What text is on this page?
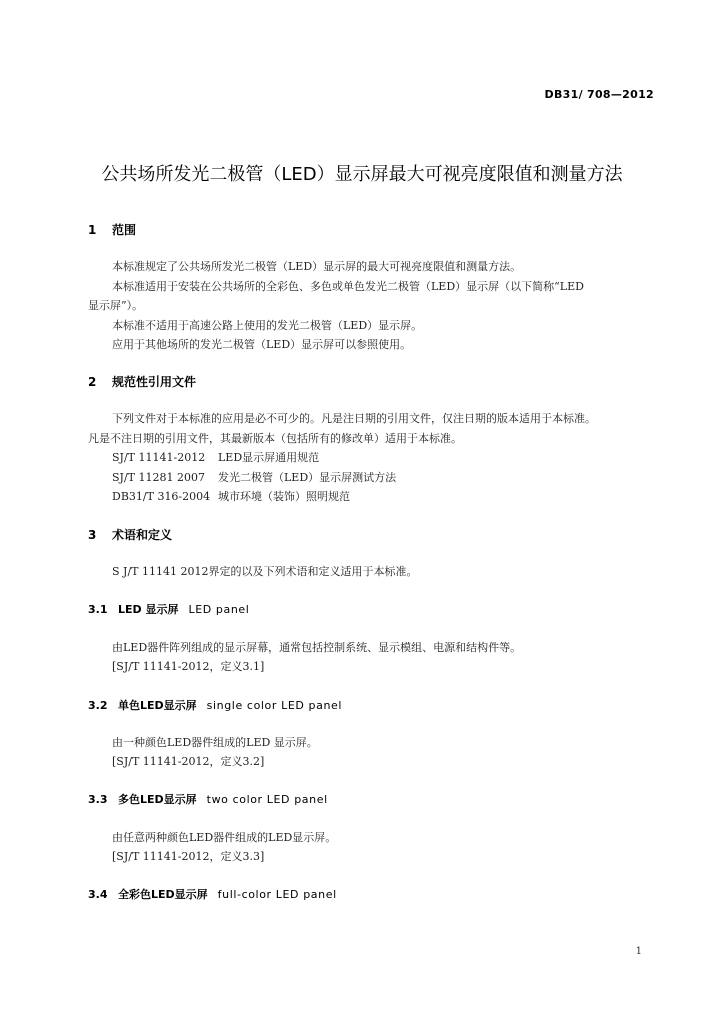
DB31/ 708—2012
公共场所发光二极管（LED）显示屏最大可视亮度限值和测量方法
1 范围
本标准规定了公共场所发光二极管（LED）显示屏的最大可视亮度限值和测量方法。
本标准适用于安装在公共场所的全彩色、多色或单色发光二极管（LED）显示屏（以下简称“LED
显示屏”）。
本标准不适用于高速公路上使用的发光二极管（LED）显示屏。
应用于其他场所的发光二极管（LED）显示屏可以参照使用。
2 规范性引用文件
下列文件对于本标准的应用是必不可少的。凡是注日期的引用文件，仅注日期的版本适用于本标准。
凡是不注日期的引用文件，其最新版本（包括所有的修改单）适用于本标准。
SJ/T 11141-2012 LED显示屏通用规范
SJ/T 11281 2007 发光二极管（LED）显示屏测试方法
DB31/T 316-2004 城市环境（装饰）照明规范
3 术语和定义
S J/T 11141 2012界定的以及下列术语和定义适用于本标准。
3.1 LED 显示屏 LED panel
由LED器件阵列组成的显示屏幕，通常包括控制系统、显示模组、电源和结构件等。
[SJ/T 11141-2012，定义3.1]
3.2 单色LED显示屏 single color LED panel
由一种颜色LED器件组成的LED 显示屏。
[SJ/T 11141-2012，定义3.2]
3.3 多色LED显示屏 two color LED panel
由任意两种颜色LED器件组成的LED显示屏。
[SJ/T 11141-2012，定义3.3]
3.4 全彩色LED显示屏 full-color LED panel
1
